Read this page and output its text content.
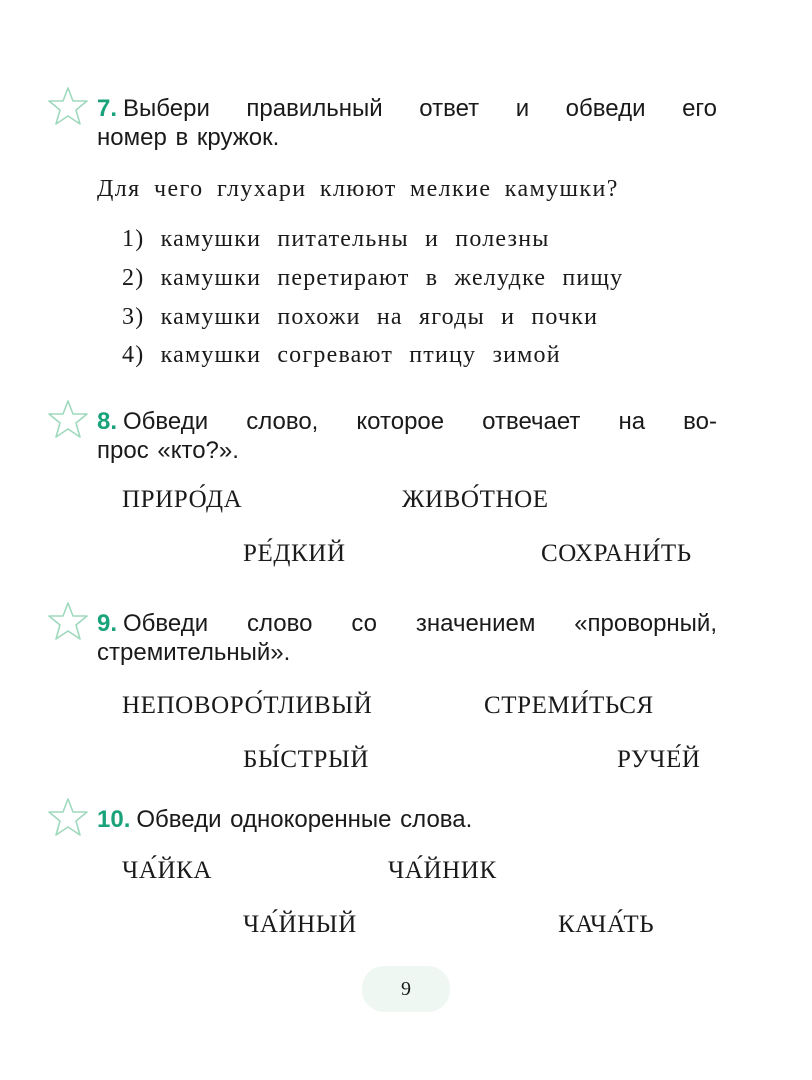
7. Выбери правильный ответ и обведи его
номер в кружок.
Для чего глухари клюют мелкие камушки?
1) камушки питательны и полезны
2) камушки перетирают в желудке пищу
3) камушки похожи на ягоды и почки
4) камушки согревают птицу зимой
8. Обведи слово, которое отвечает на во-
прос «кто?».
ПРИРО́ДА	ЖИВО́ТНОЕ
РЕ́ДКИЙ	СОХРАНИ́ТЬ
9. Обведи слово со значением «проворный,
стремительный».
НЕПОВОРО́ТЛИВЫЙ	СТРЕМИ́ТЬСЯ
БЫ́СТРЫЙ	РУЧЕ́Й
10. Обведи однокоренные слова.
ЧА́ЙКА	ЧА́ЙНИК
ЧА́ЙНЫЙ	КАЧА́ТЬ
9
